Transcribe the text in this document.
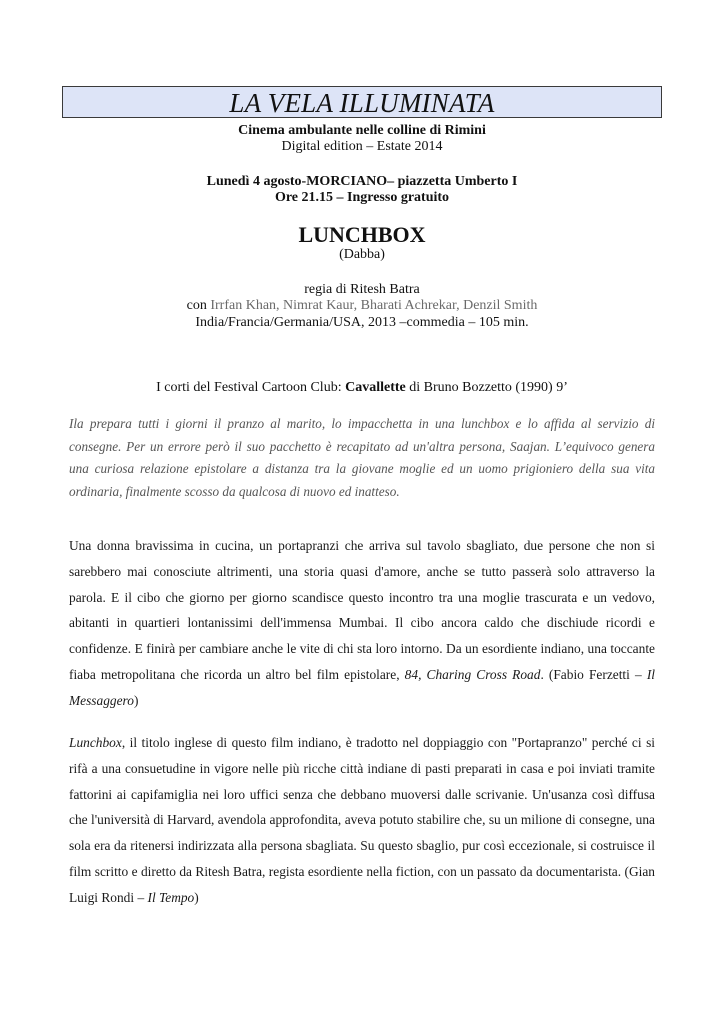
LA VELA ILLUMINATA
Cinema ambulante nelle colline di Rimini
Digital edition – Estate 2014
Lunedì 4 agosto-MORCIANO– piazzetta Umberto I
Ore 21.15 – Ingresso gratuito
LUNCHBOX
(Dabba)
regia di Ritesh Batra
con Irrfan Khan, Nimrat Kaur, Bharati Achrekar, Denzil Smith
India/Francia/Germania/USA, 2013 –commedia – 105 min.
I corti del Festival Cartoon Club: Cavallette di Bruno Bozzetto (1990) 9’
Ila prepara tutti i giorni il pranzo al marito, lo impacchetta in una lunchbox e lo affida al servizio di consegne. Per un errore però il suo pacchetto è recapitato ad un'altra persona, Saajan. L’equivoco genera una curiosa relazione epistolare a distanza tra la giovane moglie ed un uomo prigioniero della sua vita ordinaria, finalmente scosso da qualcosa di nuovo ed inatteso.
Una donna bravissima in cucina, un portapranzi che arriva sul tavolo sbagliato, due persone che non si sarebbero mai conosciute altrimenti, una storia quasi d'amore, anche se tutto passerà solo attraverso la parola. E il cibo che giorno per giorno scandisce questo incontro tra una moglie trascurata e un vedovo, abitanti in quartieri lontanissimi dell'immensa Mumbai. Il cibo ancora caldo che dischiude ricordi e confidenze. E finirà per cambiare anche le vite di chi sta loro intorno. Da un esordiente indiano, una toccante fiaba metropolitana che ricorda un altro bel film epistolare, 84, Charing Cross Road. (Fabio Ferzetti – Il Messaggero)
Lunchbox, il titolo inglese di questo film indiano, è tradotto nel doppiaggio con "Portapranzo" perché ci si rifà a una consuetudine in vigore nelle più ricche città indiane di pasti preparati in casa e poi inviati tramite fattorini ai capifamiglia nei loro uffici senza che debbano muoversi dalle scrivanie. Un'usanza così diffusa che l'università di Harvard, avendola approfondita, aveva potuto stabilire che, su un milione di consegne, una sola era da ritenersi indirizzata alla persona sbagliata. Su questo sbaglio, pur così eccezionale, si costruisce il film scritto e diretto da Ritesh Batra, regista esordiente nella fiction, con un passato da documentarista. (Gian Luigi Rondi – Il Tempo)
